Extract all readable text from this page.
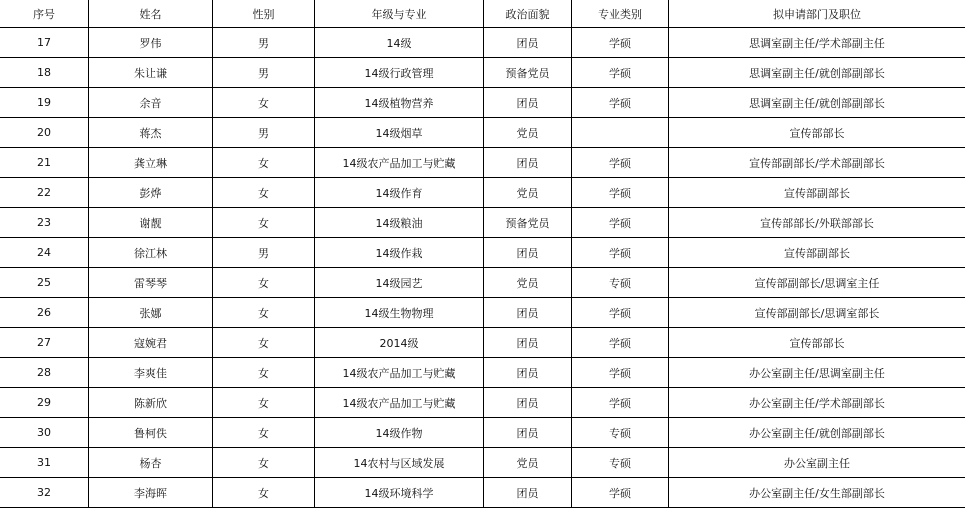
序号	姓名	性别	年级与专业	政治面貌	专业类别	拟申请部门及职位
17	罗伟	男	14级	团员	学硕	思调室副主任/学术部副主任
18	朱让谦	男	14级行政管理	预备党员	学硕	思调室副主任/就创部副部长
19	余音	女	14级植物营养	团员	学硕	思调室副主任/就创部副部长
20	蒋杰	男	14级烟草	党员		宣传部部长
21	龚立琳	女	14级农产品加工与贮藏	团员	学硕	宣传部副部长/学术部副部长
22	彭烨	女	14级作育	党员	学硕	宣传部副部长
23	谢靓	女	14级粮油	预备党员	学硕	宣传部部长/外联部部长
24	徐江林	男	14级作栽	团员	学硕	宣传部副部长
25	雷琴琴	女	14级园艺	党员	专硕	宣传部副部长/思调室主任
26	张娜	女	14级生物物理	团员	学硕	宣传部副部长/思调室部长
27	寇婉君	女	2014级	团员	学硕	宣传部部长
28	李爽佳	女	14级农产品加工与贮藏	团员	学硕	办公室副主任/思调室副主任
29	陈新欣	女	14级农产品加工与贮藏	团员	学硕	办公室副主任/学术部副部长
30	鲁柯佚	女	14级作物	团员	专硕	办公室副主任/就创部副部长
31	杨杏	女	14农村与区域发展	党员	专硕	办公室副主任
32	李海晖	女	14级环境科学	团员	学硕	办公室副主任/女生部副部长
